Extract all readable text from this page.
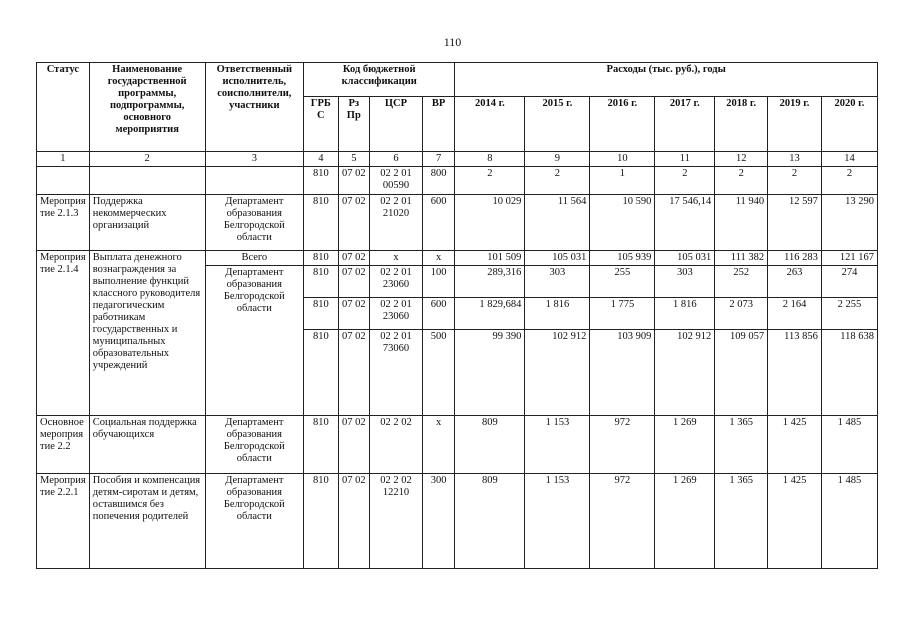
110
Статус	Наименование государственной программы, подпрограммы, основного мероприятия	Ответственный исполнитель, соисполнители, участники	Код бюджетной классификации				Расходы (тыс. руб.), годы						
			ГРБС	Рз Пр	ЦСР	ВР	2014 г.	2015 г.	2016 г.	2017 г.	2018 г.	2019 г.	2020 г.
1	2	3	4	5	6	7	8	9	10	11	12	13	14
			810	07 02	02 2 01 00590	800	2	2	1	2	2	2	2
Мероприятие 2.1.3	Поддержка некоммерческих организаций	Департамент образования Белгородской области	810	07 02	02 2 01 21020	600	10 029	11 564	10 590	17 546,14	11 940	12 597	13 290
Мероприятие 2.1.4	Выплата денежного вознаграждения за выполнение функций классного руководителя педагогическим работникам государственных и муниципальных образовательных учреждений	Всего	810	07 02	х	х	101 509	105 031	105 939	105 031	111 382	116 283	121 167
		Департамент образования Белгородской области	810	07 02	02 2 01 23060	100	289,316	303	255	303	252	263	274
			810	07 02	02 2 01 23060	600	1 829,684	1 816	1 775	1 816	2 073	2 164	2 255
			810	07 02	02 2 01 73060	500	99 390	102 912	103 909	102 912	109 057	113 856	118 638
Основное мероприятие 2.2	Социальная поддержка обучающихся	Департамент образования Белгородской области	810	07 02	02 2 02	х	809	1 153	972	1 269	1 365	1 425	1 485
Мероприятие 2.2.1	Пособия и компенсация детям-сиротам и детям, оставшимся без попечения родителей	Департамент образования Белгородской области	810	07 02	02 2 02 12210	300	809	1 153	972	1 269	1 365	1 425	1 485
